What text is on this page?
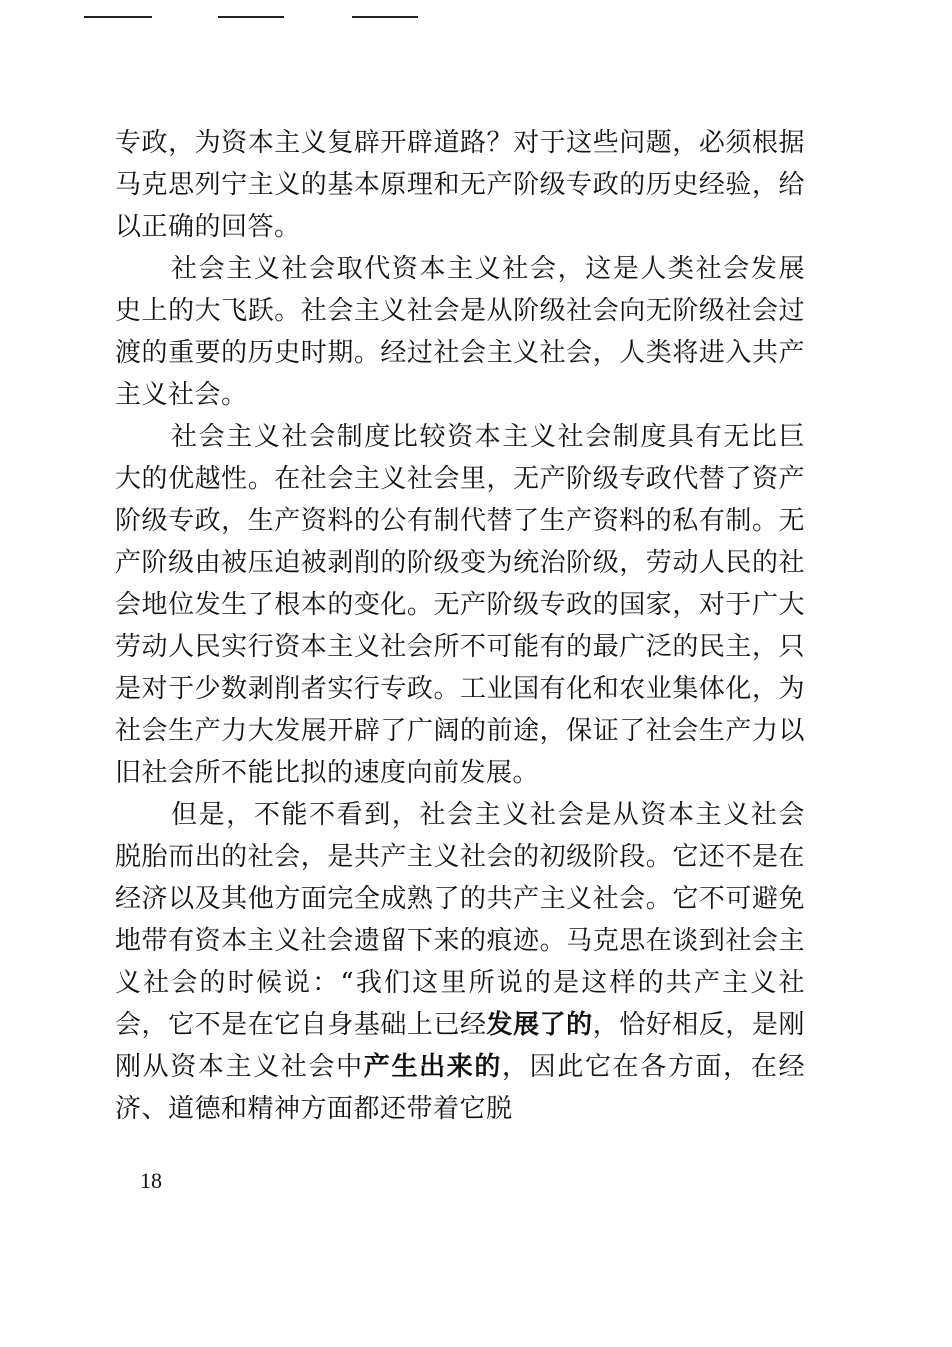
专政，为资本主义复辟开辟道路？对于这些问题，必须根据马克思列宁主义的基本原理和无产阶级专政的历史经验，给以正确的回答。

社会主义社会取代资本主义社会，这是人类社会发展史上的大飞跃。社会主义社会是从阶级社会向无阶级社会过渡的重要的历史时期。经过社会主义社会，人类将进入共产主义社会。

社会主义社会制度比较资本主义社会制度具有无比巨大的优越性。在社会主义社会里，无产阶级专政代替了资产阶级专政，生产资料的公有制代替了生产资料的私有制。无产阶级由被压迫被剥削的阶级变为统治阶级，劳动人民的社会地位发生了根本的变化。无产阶级专政的国家，对于广大劳动人民实行资本主义社会所不可能有的最广泛的民主，只是对于少数剥削者实行专政。工业国有化和农业集体化，为社会生产力大发展开辟了广阔的前途，保证了社会生产力以旧社会所不能比拟的速度向前发展。

但是，不能不看到，社会主义社会是从资本主义社会脱胎而出的社会，是共产主义社会的初级阶段。它还不是在经济以及其他方面完全成熟了的共产主义社会。它不可避免地带有资本主义社会遗留下来的痕迹。马克思在谈到社会主义社会的时候说：“我们这里所说的是这样的共产主义社会，它不是在它自身基础上已经发展了的，恰好相反，是刚刚从资本主义社会中产生出来的，因此它在各方面，在经济、道德和精神方面都还带着它脱

18
